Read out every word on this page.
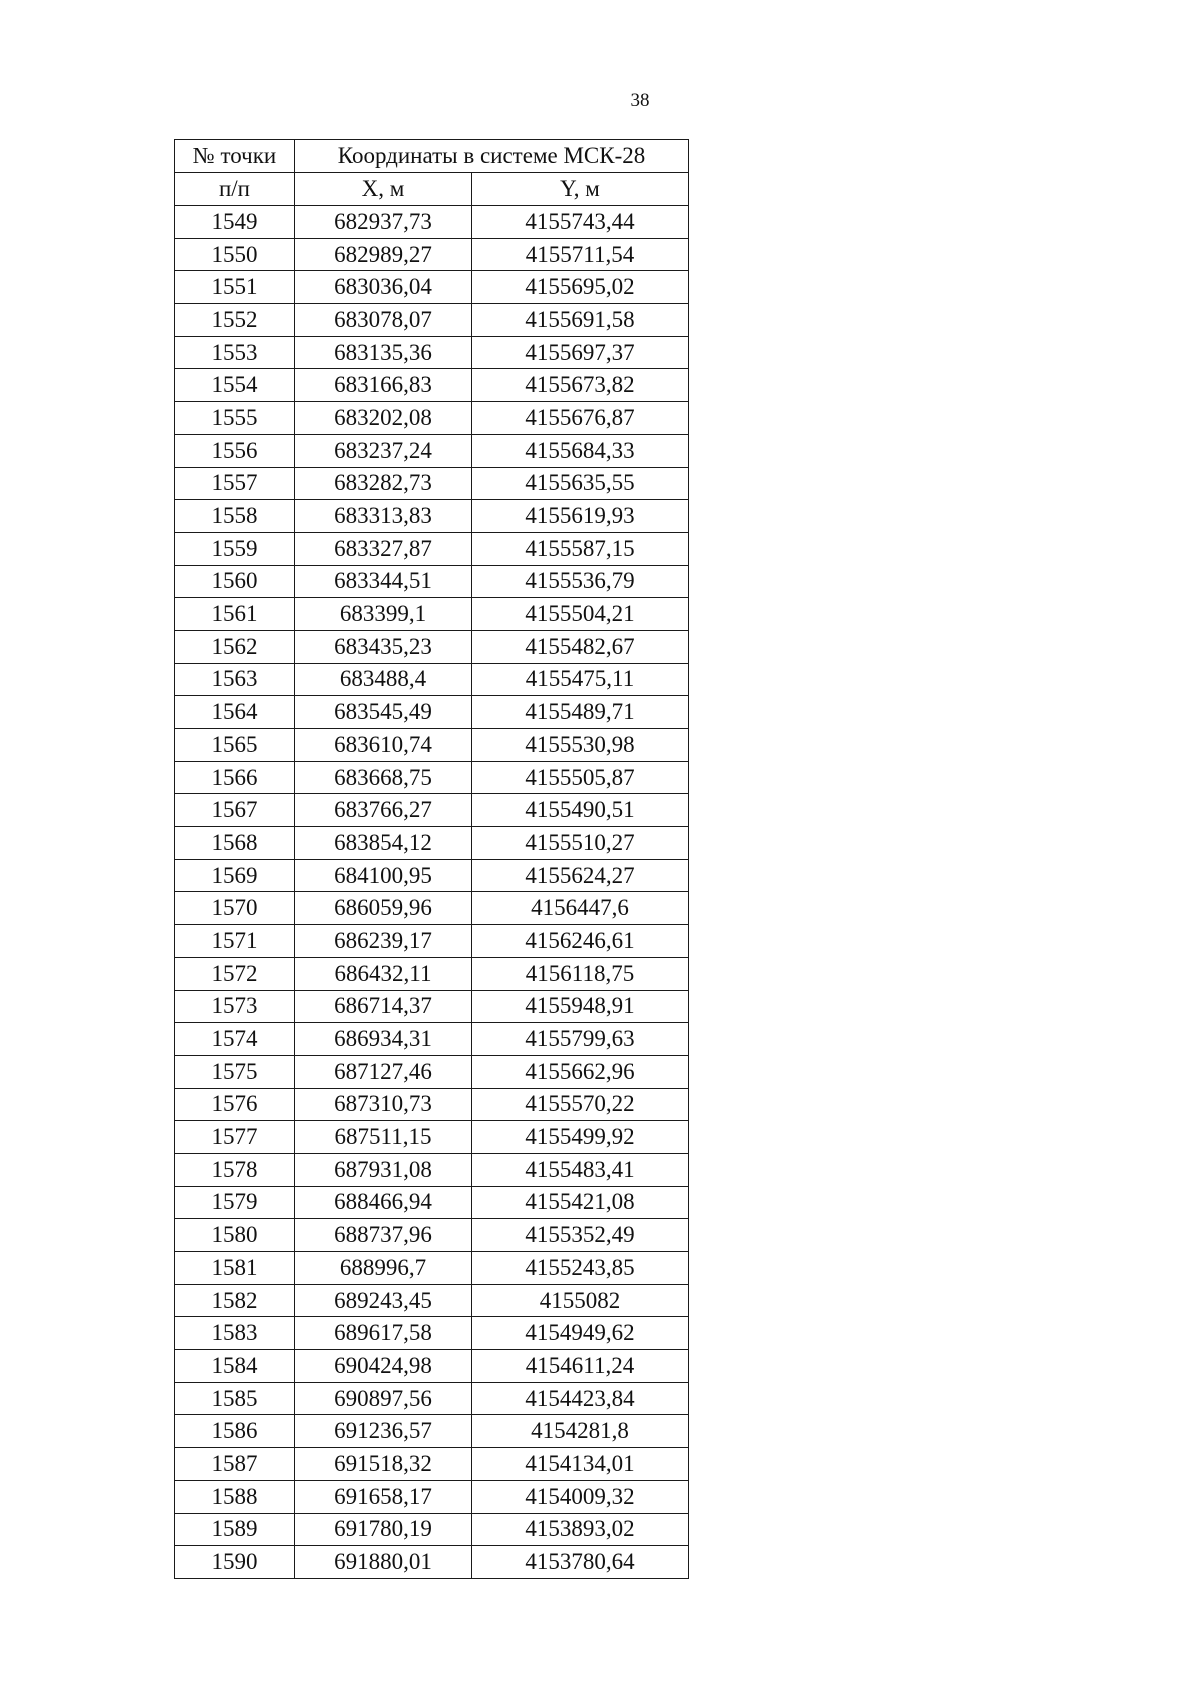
38
№ точки	Координаты в системе МСК-28	
п/п	X, м	Y, м
1549	682937,73	4155743,44
1550	682989,27	4155711,54
1551	683036,04	4155695,02
1552	683078,07	4155691,58
1553	683135,36	4155697,37
1554	683166,83	4155673,82
1555	683202,08	4155676,87
1556	683237,24	4155684,33
1557	683282,73	4155635,55
1558	683313,83	4155619,93
1559	683327,87	4155587,15
1560	683344,51	4155536,79
1561	683399,1	4155504,21
1562	683435,23	4155482,67
1563	683488,4	4155475,11
1564	683545,49	4155489,71
1565	683610,74	4155530,98
1566	683668,75	4155505,87
1567	683766,27	4155490,51
1568	683854,12	4155510,27
1569	684100,95	4155624,27
1570	686059,96	4156447,6
1571	686239,17	4156246,61
1572	686432,11	4156118,75
1573	686714,37	4155948,91
1574	686934,31	4155799,63
1575	687127,46	4155662,96
1576	687310,73	4155570,22
1577	687511,15	4155499,92
1578	687931,08	4155483,41
1579	688466,94	4155421,08
1580	688737,96	4155352,49
1581	688996,7	4155243,85
1582	689243,45	4155082
1583	689617,58	4154949,62
1584	690424,98	4154611,24
1585	690897,56	4154423,84
1586	691236,57	4154281,8
1587	691518,32	4154134,01
1588	691658,17	4154009,32
1589	691780,19	4153893,02
1590	691880,01	4153780,64
